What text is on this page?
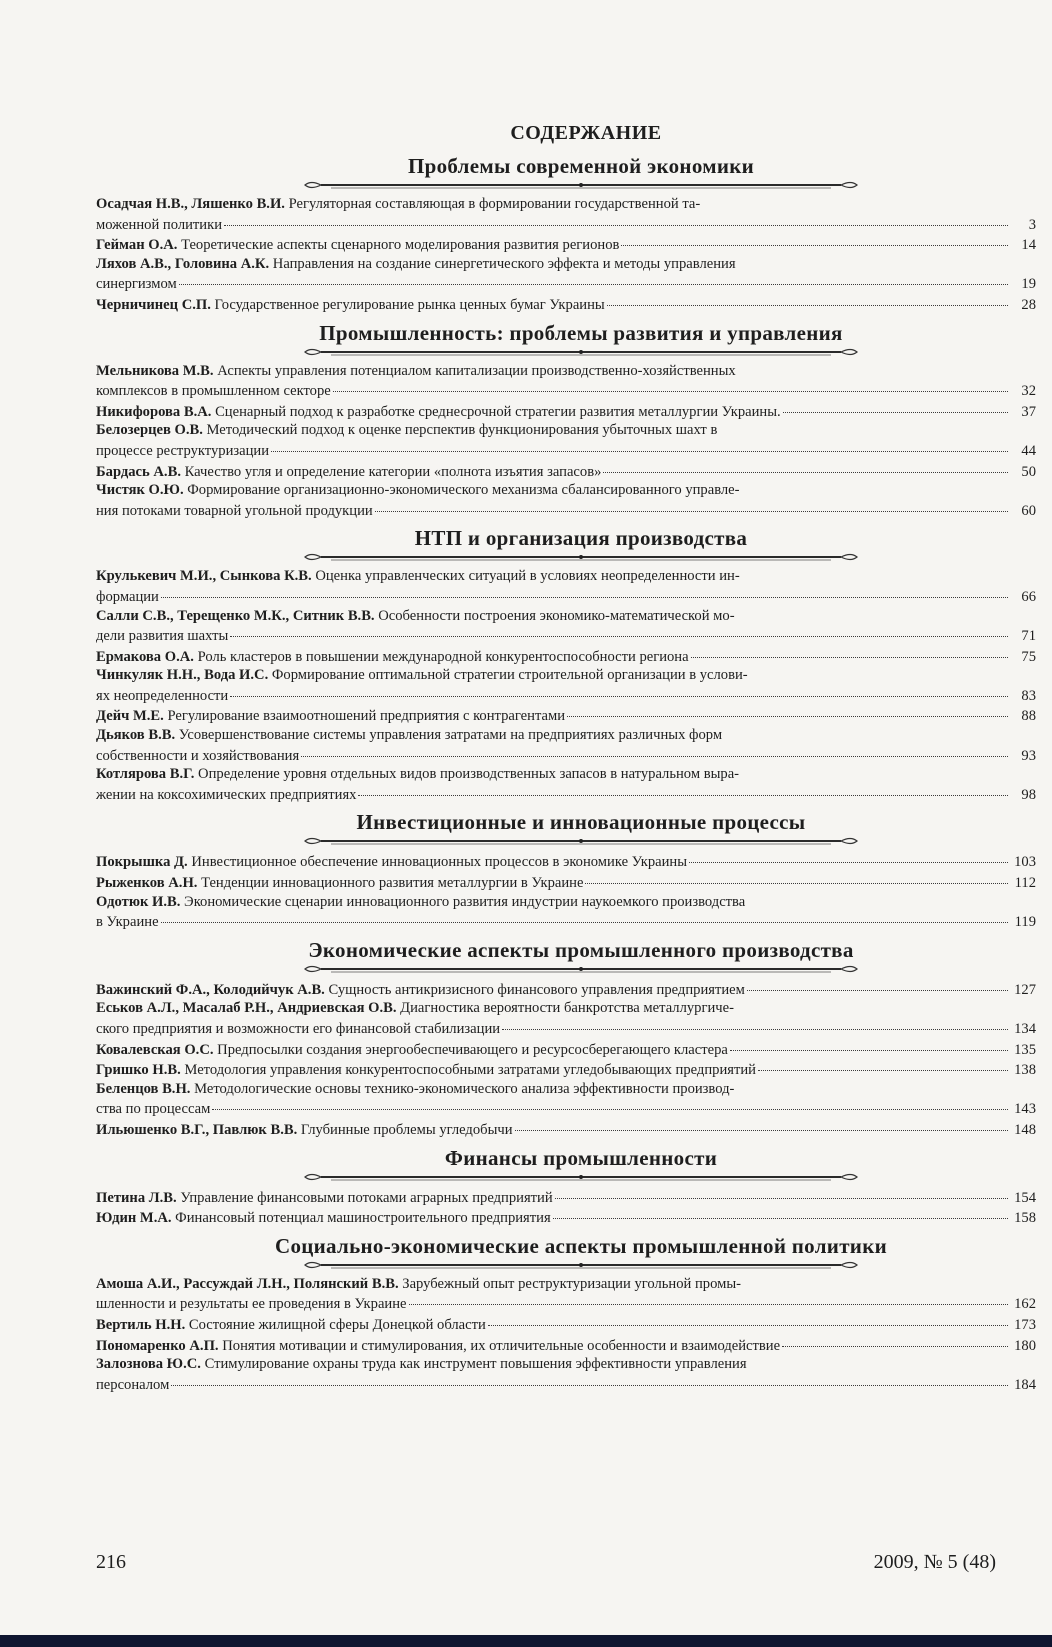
СОДЕРЖАНИЕ
Проблемы современной экономики
Осадчая Н.В., Ляшенко В.И. Регуляторная составляющая в формировании государственной та-
моженной политики	3
Гейман О.А. Теоретические аспекты сценарного моделирования развития регионов	14
Ляхов А.В., Головина А.К. Направления на создание синергетического эффекта и методы управления
синергизмом	19
Черничинец С.П. Государственное регулирование рынка ценных бумаг Украины	28
Промышленность: проблемы развития и управления
Мельникова М.В. Аспекты управления потенциалом капитализации производственно-хозяйственных
комплексов в промышленном секторе	32
Никифорова В.А. Сценарный подход к разработке среднесрочной стратегии развития металлургии Украины.	37
Белозерцев О.В. Методический подход к оценке перспектив функционирования убыточных шахт в
процессе реструктуризации	44
Бардась А.В. Качество угля и определение категории «полнота изъятия запасов»	50
Чистяк О.Ю. Формирование организационно-экономического механизма сбалансированного управле-
ния потоками товарной угольной продукции	60
НТП и организация производства
Крулькевич М.И., Сынкова К.В. Оценка управленческих ситуаций в условиях неопределенности ин-
формации	66
Салли С.В., Терещенко М.К., Ситник В.В. Особенности построения экономико-математической мо-
дели развития шахты	71
Ермакова О.А. Роль кластеров в повышении международной конкурентоспособности региона	75
Чинкуляк Н.Н., Вода И.С. Формирование оптимальной стратегии строительной организации в услови-
ях неопределенности	83
Дейч М.Е. Регулирование взаимоотношений предприятия с контрагентами	88
Дьяков В.В. Усовершенствование системы управления затратами на предприятиях различных форм
собственности и хозяйствования	93
Котлярова В.Г. Определение уровня отдельных видов производственных запасов в натуральном выра-
жении на коксохимических предприятиях	98
Инвестиционные и инновационные процессы
Покрышка Д. Инвестиционное обеспечение инновационных процессов в экономике Украины	103
Рыженков А.Н. Тенденции инновационного развития металлургии в Украине	112
Одотюк И.В. Экономические сценарии инновационного развития индустрии наукоемкого производства
в Украине	119
Экономические аспекты промышленного производства
Важинский Ф.А., Колодийчук А.В. Сущность антикризисного финансового управления предприятием	127
Еськов А.Л., Масалаб Р.Н., Андриевская О.В. Диагностика вероятности банкротства металлургиче-
ского предприятия и возможности его финансовой стабилизации	134
Ковалевская О.С. Предпосылки создания энергообеспечивающего и ресурсосберегающего кластера	135
Гришко Н.В. Методология управления конкурентоспособными затратами угледобывающих предприятий	138
Беленцов В.Н. Методологические основы технико-экономического анализа эффективности производ-
ства по процессам	143
Ильюшенко В.Г., Павлюк В.В. Глубинные проблемы угледобычи	148
Финансы промышленности
Петина Л.В. Управление финансовыми потоками аграрных предприятий	154
Юдин М.А. Финансовый потенциал машиностроительного предприятия	158
Социально-экономические аспекты промышленной политики
Амоша А.И., Рассуждай Л.Н., Полянский В.В. Зарубежный опыт реструктуризации угольной промы-
шленности и результаты ее проведения в Украине	162
Вертиль Н.Н. Состояние жилищной сферы Донецкой области	173
Пономаренко А.П. Понятия мотивации и стимулирования, их отличительные особенности и взаимодействие	180
Залознова Ю.С. Стимулирование охраны труда как инструмент повышения эффективности управления
персоналом	184
216	2009, № 5 (48)
